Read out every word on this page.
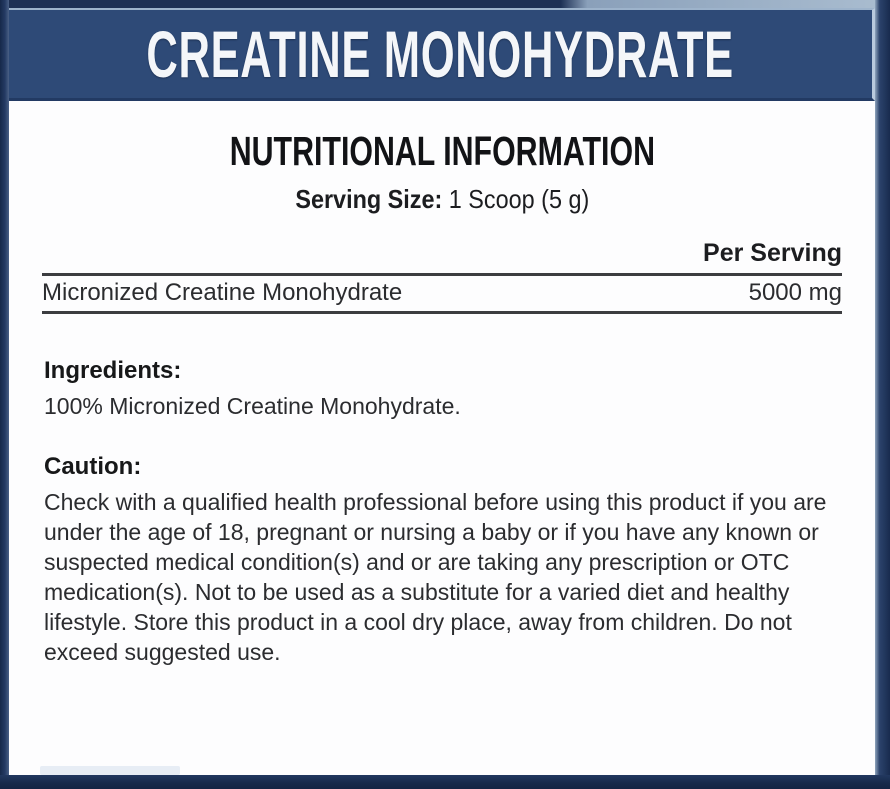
CREATINE MONOHYDRATE
NUTRITIONAL INFORMATION
Serving Size: 1 Scoop (5 g)
Per Serving
Micronized Creatine Monohydrate	5000 mg

Ingredients:

100% Micronized Creatine Monohydrate.

Caution:

Check with a qualified health professional before using this product if you are under the age of 18, pregnant or nursing a baby or if you have any known or suspected medical condition(s) and or are taking any prescription or OTC medication(s). Not to be used as a substitute for a varied diet and healthy lifestyle. Store this product in a cool dry place, away from children. Do not exceed suggested use.
